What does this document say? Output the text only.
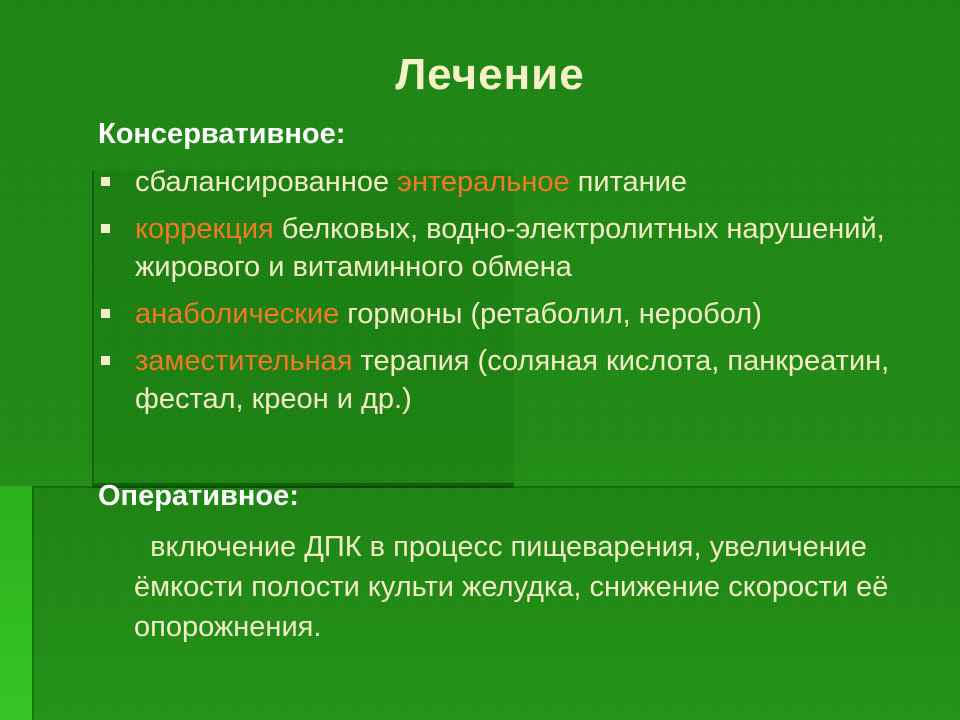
Лечение
Консервативное:
сбалансированное энтеральное питание
коррекция белковых, водно-электролитных нарушений, жирового и витаминного обмена
анаболические гормоны (ретаболил, неробол)
заместительная терапия (соляная кислота, панкреатин, фестал, креон и др.)
Оперативное:
включение ДПК в процесс пищеварения, увеличение ёмкости полости культи желудка, снижение скорости её опорожнения.
